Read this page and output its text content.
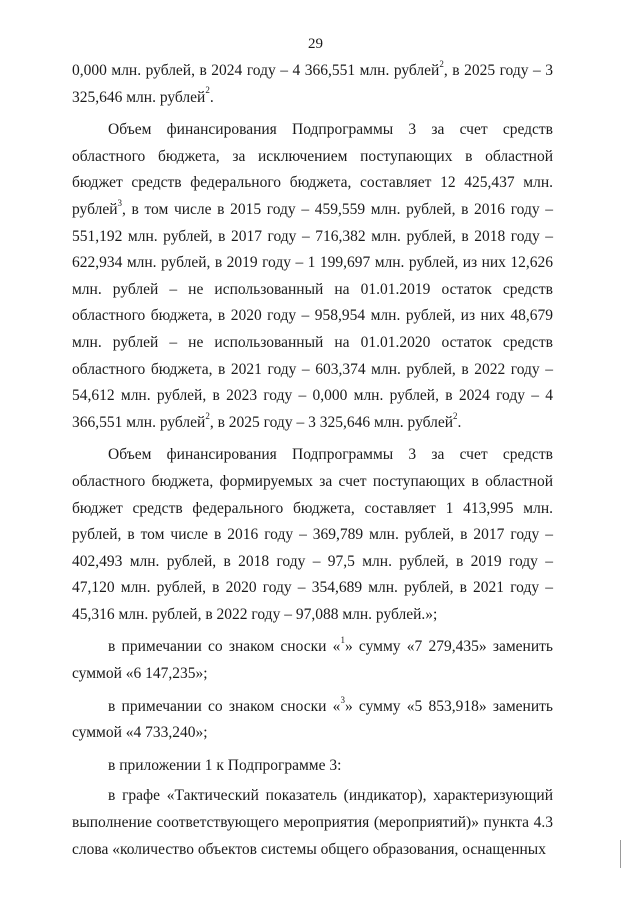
29

0,000 млн. рублей, в 2024 году – 4 366,551 млн. рублей$^2$, в 2025 году – 3 325,646 млн. рублей$^2$.

Объем финансирования Подпрограммы 3 за счет средств областного бюджета, за исключением поступающих в областной бюджет средств федерального бюджета, составляет 12 425,437 млн. рублей$^3$, в том числе в 2015 году – 459,559 млн. рублей, в 2016 году – 551,192 млн. рублей, в 2017 году – 716,382 млн. рублей, в 2018 году – 622,934 млн. рублей, в 2019 году – 1 199,697 млн. рублей, из них 12,626 млн. рублей – не использованный на 01.01.2019 остаток средств областного бюджета, в 2020 году – 958,954 млн. рублей, из них 48,679 млн. рублей – не использованный на 01.01.2020 остаток средств областного бюджета, в 2021 году – 603,374 млн. рублей, в 2022 году – 54,612 млн. рублей, в 2023 году – 0,000 млн. рублей, в 2024 году – 4 366,551 млн. рублей$^2$, в 2025 году – 3 325,646 млн. рублей$^2$.

Объем финансирования Подпрограммы 3 за счет средств областного бюджета, формируемых за счет поступающих в областной бюджет средств федерального бюджета, составляет 1 413,995 млн. рублей, в том числе в 2016 году – 369,789 млн. рублей, в 2017 году – 402,493 млн. рублей, в 2018 году – 97,5 млн. рублей, в 2019 году – 47,120 млн. рублей, в 2020 году – 354,689 млн. рублей, в 2021 году – 45,316 млн. рублей, в 2022 году – 97,088 млн. рублей.»;

в примечании со знаком сноски «$^1$» сумму «7 279,435» заменить суммой «6 147,235»;

в примечании со знаком сноски «$^3$» сумму «5 853,918» заменить суммой «4 733,240»;

в приложении 1 к Подпрограмме 3:

в графе «Тактический показатель (индикатор), характеризующий выполнение соответствующего мероприятия (мероприятий)» пункта 4.3 слова «количество объектов системы общего образования, оснащенных
